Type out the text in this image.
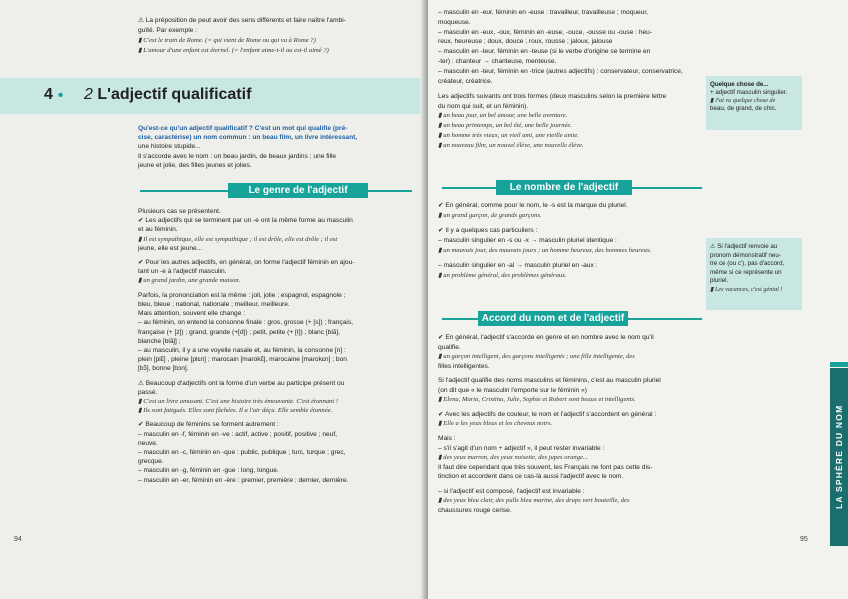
⚠ La préposition de peut avoir des sens différents et faire naître l'ambi-
guïté. Par exemple :
▮ C'est le train de Rome. (= qui vient de Rome ou qui va à Rome ?)
▮ L'amour d'une enfant est éternel. (= l'enfant aime-t-il ou est-il aimé ?)
4 • 2 L'adjectif qualificatif
Qu'est-ce qu'un adjectif qualificatif ? C'est un mot qui qualifie (pré-
cise, caractérise) un nom commun : un beau film, un livre intéressant,
une histoire stupide...
Il s'accorde avec le nom : un beau jardin, de beaux jardins ; une fille
jeune et jolie, des filles jeunes et jolies.
Le genre de l'adjectif
Plusieurs cas se présentent.
✔ Les adjectifs qui se terminent par un -e ont la même forme au masculin
et au féminin.
▮ Il est sympathique, elle est sympathique ; il est drôle, elle est drôle ; il est
jeune, elle est jeune...
✔ Pour les autres adjectifs, en général, on forme l'adjectif féminin en ajou-
tant un -e à l'adjectif masculin.
▮ un grand jardin, une grande maison.
Parfois, la prononciation est la même : joli, jolie ; espagnol, espagnole ;
bleu, bleue ; national, nationale ; meilleur, meilleure.
Mais attention, souvent elle change :
– au féminin, on entend la consonne finale : gros, grosse (+ [s]) ; français,
française (+ [z]) ; grand, grande (+[d]) ; petit, petite (+ [t]) ; blanc [blã],
blanche [blãʃ] ;
– au masculin, il y a une voyelle nasale et, au féminin, la consonne [n] :
plein [plɛ̃] , pleine [plɛn] ; marocain [marokɛ̃], marocaine [marokɛn] ; bon
[bɔ̃], bonne [bɔn].
⚠ Beaucoup d'adjectifs ont la forme d'un verbe au participe présent ou
passé.
▮ C'est un livre amusant. C'est une histoire très émouvante. C'est étonnant !
▮ Ils sont fatigués. Elles sont fâchées. Il a l'air déçu. Elle semble étonnée.
✔ Beaucoup de féminins se forment autrement :
– masculin en -f, féminin en -ve : actif, active ; positif, positive ; neuf,
neuve.
– masculin en -c, féminin en -que : public, publique ; turc, turque ; grec,
grecque.
– masculin en -g, féminin en -gue : long, longue.
– masculin en -er, féminin en -ère : premier, première ; dernier, dernière.
94
– masculin en -eur, féminin en -euse : travailleur, travailleuse ; moqueur,
moqueuse.
– masculin en -eux, -oux, féminin en -euse, -ouce, -ousse ou -ouse : heu-
reux, heureuse ; doux, douce ; roux, rousse ; jaloux, jalouse
– masculin en -teur, féminin en -teuse (si le verbe d'origine se termine en
-ter) : chanteur → chanteuse, menteuse.
– masculin en -teur, féminin en -trice (autres adjectifs) : conservateur, conservatrice,
créateur, créatrice.
Les adjectifs suivants ont trois formes (deux masculins selon la première lettre
du nom qui suit, et un féminin).
▮ un beau jour, un bel amour, une belle aventure.
▮ un beau printemps, un bel été, une belle journée.
▮ un homme très vieux, un vieil ami, une vieille amie.
▮ un nouveau film, un nouvel élève, une nouvelle élève.
Le nombre de l'adjectif
✔ En général, comme pour le nom, le -s est la marque du pluriel.
▮ un grand garçon, de grands garçons.
✔ Il y a quelques cas particuliers :
– masculin singulier en -s ou -x → masculin pluriel identique :
▮ un mauvais jour, des mauvais jours ; un homme heureux, des hommes heureux.
– masculin singulier en -al → masculin pluriel en -aux :
▮ un problème général, des problèmes généraux.
Accord du nom et de l'adjectif
✔ En général, l'adjectif s'accorde en genre et en nombre avec le nom qu'il
qualifie.
▮ un garçon intelligent, des garçons intelligents ; une fille intelligente, des
filles intelligentes.
Si l'adjectif qualifie des noms masculins et féminins, c'est au masculin pluriel
(on dit que « le masculin l'emporte sur le féminin »)
▮ Elena, Maria, Cristina, Julie, Sophie et Robert sont beaux et intelligents.
✔ Avec les adjectifs de couleur, le nom et l'adjectif s'accordent en général :
▮ Elle a les yeux bleus et les cheveux noirs.
Mais :
– s'il s'agit d'un nom + adjectif », il peut rester invariable :
▮ des yeux marron, des yeux noisette, des jupes orange...
Il faut dire cependant que très souvent, les Français ne font pas cette dis-
tinction et accordent dans ce cas-là aussi l'adjectif avec le nom.
– si l'adjectif est composé, l'adjectif est invariable :
▮ des yeux bleu clair, des pulls bleu marine, des draps vert bouteille, des
chaussures rouge cerise.
95
Quelque chose de...
+ adjectif masculin singulier.
▮ J'ai vu quelque chose de
beau, de grand, de chic.
⚠ Si l'adjectif renvoie au
pronom démonstratif neu-
tre ce (ou c'), pas d'accord,
même si ce représente un
pluriel.
▮ Les vacances, c'est génial !
LA SPHÈRE DU NOM
